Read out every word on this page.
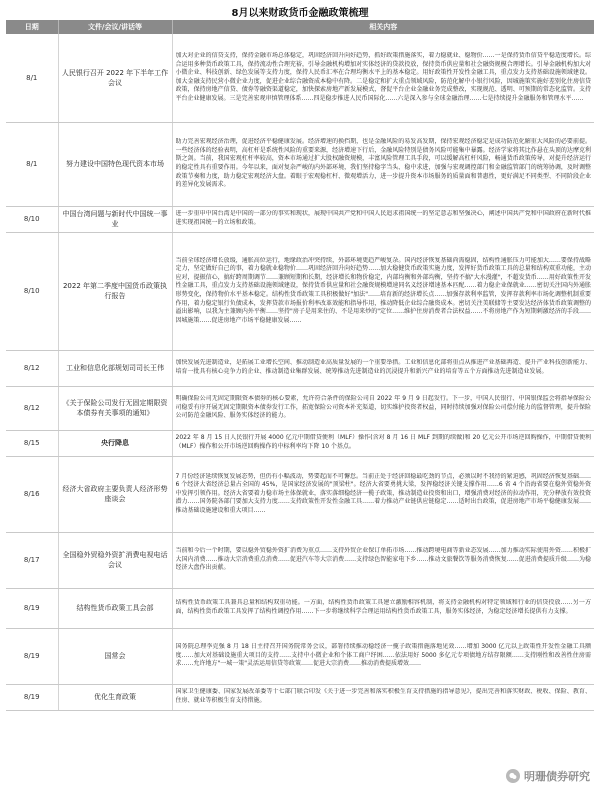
8月以来财政货币金融政策梳理
日期	文件/会议/讲话等	相关内容
8/1	人民银行召开 2022 年下半年工作会议	加大对企业的信贷支持，保持金融市场总体稳定，巩固经济回升向好趋势，抓好政策措施落实，着力稳就业、稳物价……一是保持货币信贷平稳适度增长。综合运用多种货币政策工具，保持流动性合理充裕，引导金融机构增加对实体经济的贷款投放，保持货币供应量和社会融资规模合理增长。引导金融机构加大对小微企业、科技创新、绿色发展等支持力度，保持人民币汇率在合理均衡水平上的基本稳定。用好政策性开发性金融工具，重点发力支持基础设施领域建设。加大金融支持民营小微企业力度，促进企业综合融资成本稳中有降。二是稳定和扩大重点领域风险，防范化解中小银行风险，因城施策实施好差别化住房信贷政策，保持房地产信贷、债券等融资渠道稳定，加快探索房地产新发展模式，督促平台企业金融业务完成整改，实现规范、透明、可预期的常态化监管。支持平台企业健康发展。三是完善宏观审慎管理体系……四是稳步推进人民币国际化……六是深入参与全球金融治理……七是持续提升金融服务和管理水平……

8/1	努力建设中国特色现代资本市场	助力完善宏观经济治理，促进经济平稳健康发展。经济增速的换挡期，也是金融风险的易发高发期，保持宏观经济稳定是成功防范化解重大风险的必要前提。一些经济体的经验表明，高杠杆是系统性风险的重要来源，经济增速下行后，金融风险特别是债务风险可能集中暴露。经济学家将其比作悬在头顶的达摩克利斯之剑。当前，我国宏观杠杆率较高，资本市场通过扩大股权融资规模，丰富风险管理工具手段，可以缓解高杠杆风险，畅通货币政策传导，对提升经济运行的稳定性具有重要作用。今年以来，面对复杂严峻的内外部环境，我们坚持稳字当头、稳中求进，加强与宏观调控部门和金融监管部门的统筹协调，及时调整政策节奏和力度，助力稳定宏观经济大盘。着眼于宏观稳杠杆、微观增活力，进一步提升资本市场服务的质量面和普惠性，更好满足不同类型、不同阶段企业的差异化发展需求。

8/10	中国台湾问题与新时代中国统一事业	进一步重申中国台湾是中国的一部分的事实和现状，展现中国共产党和中国人民追求祖国统一的坚定意志和坚强决心，阐述中国共产党和中国政府在新时代推进实现祖国统一的立场和政策。

8/10	2022 年第二季度中国货币政策执行报告	当前全球经济增长放缓，通胀高位运行，地缘政治冲突持续，外部环境更趋严峻复杂。国内经济恢复基础尚需稳固，结构性通胀压力可能加大……要保持战略定力，坚定做好自己的事，着力稳就业稳物价……巩固经济回升向好趋势……加大稳健货币政策实施力度，发挥好货币政策工具的总量和结构双重功能，主动应对，提振信心，搞好跨周期调节……兼顾短期和长期，经济增长和物价稳定，内部均衡和外部均衡，坚持不搞"大水漫灌"，不超发货币……用好政策性开发性金融工具，重点发力支持基础设施领域建设，保持货币供应量和社会融资规模增速同名义经济增速基本匹配……着力稳企业保就业……密切关注国内外通胀形势变化，保持物价水平基本稳定。结构性货币政策工具积极做好"加法"……培育新的经济增长点……加强存款利率监管，发挥存款利率市场化调整机制重要作用，着力稳定银行负债成本，发挥贷款市场报价利率改革效能和指导作用，推动降低企业综合融资成本。密切关注美联储等主要发达经济体货币政策调整的溢出影响，以我为主兼顾内外平衡……坚持"房子是用来住的、不是用来炒的"定位……维护住房消费者合法权益……不将房地产作为短期刺激经济的手段……因城施策……促进房地产市场平稳健康发展……

8/12	工业和信息化部规划司司长王伟	加快发展先进制造业，是拓展工业增长空间、推动制造业高质量发展的一个重要举措。工业和信息化部将重点从推进产业基础再造、提升产业科技创新能力、培育一批具有核心竞争力的企业、推动制造业集群发展、统筹推动先进制造业的沉浸提升和新兴产业的培育等五个方面推动先进制造业发展。

8/12	《关于保险公司发行无固定期限资本债券有关事项的通知》	明确保险公司无固定期限资本债券的核心要素，允许符合条件的保险公司自 2022 年 9 月 9 日起发行。下一步，中国人民银行、中国银保监会将指导保险公司稳妥有序开展无固定期限资本债券发行工作，拓宽保险公司资本补充渠道，切实维护投资者权益，同时持续加强对保险公司偿付能力的监督管理，提升保险公司防范金融风险、服务实体经济的能力。

8/15	央行降息	2022 年 8 月 15 日人民银行开展 4000 亿元中期借贷便利（MLF）操作(含对 8 月 16 日 MLF 到期的续做)和 20 亿元公开市场逆回购操作，中期借贷便利（MLF）操作和公开市场逆回购操作的中标利率均下降 10 个基点。

8/16	经济大省政府主要负责人经济形势座谈会	7 月份经济延续恢复发展态势，但仍有小幅波动，势要起而不可懈怠。当前正处于经济回稳最吃劲的节点，必须以时不我待的紧迫感，巩固经济恢复基础……6 个经济大省经济总量占全国的 45%，是国家经济发展的"顶梁柱"。经济大省要勇挑大梁，发挥稳经济关键支撑作用……6 省 4 个沿海省要在稳外贸稳外资中发挥引领作用。经济大省要着力稳市场主体保就业，落实落细稳经济一揽子政策，推动制造业投资和出口，增强消费对经济的拉动作用，充分释放有效投资潜力……国务院各部门要加大支持力度……支持政策性开发性金融工具……着力推动产业链供应链稳定……适时出台政策，促进房地产市场平稳健康发展……推动基础设施建设和重大项目……

8/17	全国稳外贸稳外资扩消费电视电话会议	当前和今后一个时期，要以稳外贸稳外资扩消费为重点……支持外贸企业保订单拓市场……推动跨境电商等新业态发展……加力推动实际使用外资……积极扩大国内消费……推动大宗消费重点消费……促进汽车等大宗消费……支持绿色智能家电下乡……推动文旅餐饮等服务消费恢复……促进消费提质升级……为稳经济大盘作出贡献。

8/19	结构性货币政策工具会部	结构性货币政策工具兼具总量和结构双重功能。一方面，结构性货币政策工具建立激励相容机制，将支持金融机构对特定领域和行业的信贷投放……另一方面，结构性货币政策工具发挥了结构性调控作用……下一步将继续科学合理运用结构性货币政策工具，服务实体经济，为稳定经济增长提供有力支撑。

8/19	国常会	国务院总理李克强 8 月 18 日主持召开国务院常务会议，部署持续推动稳经济一揽子政策措施落地见效……增加 3000 亿元以上政策性开发性金融工具额度……加大对基础设施重大项目的支持……支持中小微企业和个体工商户纾困……依法用好 5000 多亿元专项债地方结存限额……支持刚性和改善性住房需求……允许地方"一城一策"灵活运用信贷等政策……促进大宗消费……推动消费提质增效……

8/19	优化生育政策	国家卫生健康委、国家发展改革委等十七部门联合印发《关于进一步完善和落实积极生育支持措施的指导意见》，提出完善和落实财政、税收、保险、教育、住房、就业等积极生育支持措施。
明珊债券研究
